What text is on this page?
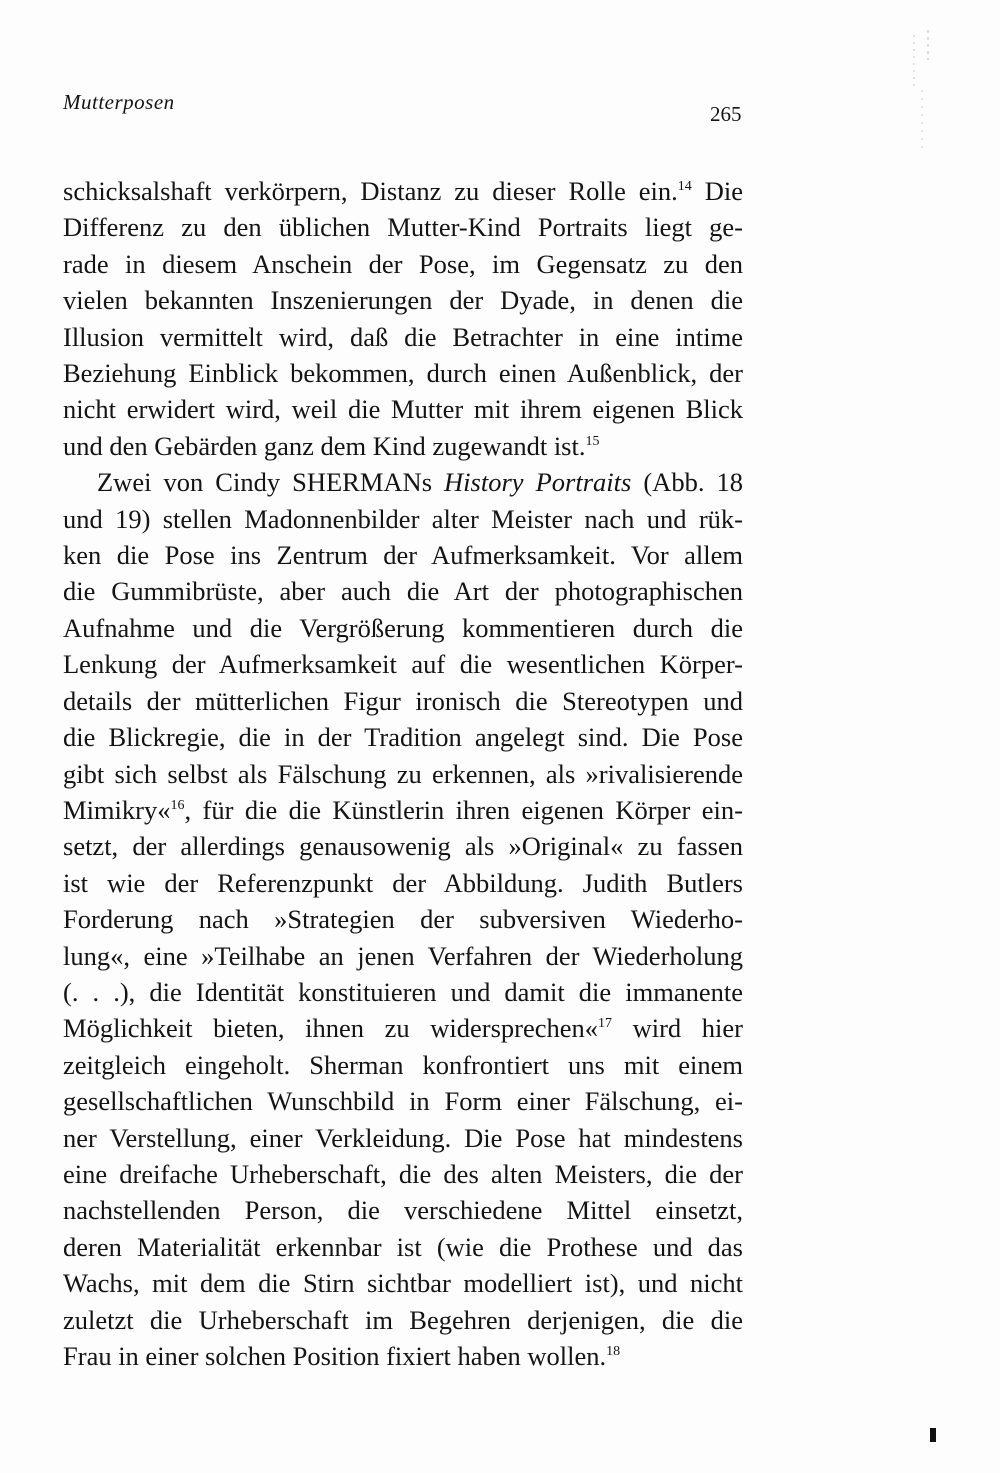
Mutterposen	265
schicksalshaft verkörpern, Distanz zu dieser Rolle ein.$^{14}$ Die
Differenz zu den üblichen Mutter-Kind Portraits liegt ge-
rade in diesem Anschein der Pose, im Gegensatz zu den
vielen bekannten Inszenierungen der Dyade, in denen die
Illusion vermittelt wird, daß die Betrachter in eine intime
Beziehung Einblick bekommen, durch einen Außenblick, der
nicht erwidert wird, weil die Mutter mit ihrem eigenen Blick
und den Gebärden ganz dem Kind zugewandt ist.$^{15}$
Zwei von Cindy SHERMANs History Portraits (Abb. 18
und 19) stellen Madonnenbilder alter Meister nach und rük-
ken die Pose ins Zentrum der Aufmerksamkeit. Vor allem
die Gummibrüste, aber auch die Art der photographischen
Aufnahme und die Vergrößerung kommentieren durch die
Lenkung der Aufmerksamkeit auf die wesentlichen Körper-
details der mütterlichen Figur ironisch die Stereotypen und
die Blickregie, die in der Tradition angelegt sind. Die Pose
gibt sich selbst als Fälschung zu erkennen, als »rivalisierende
Mimikry«$^{16}$, für die die Künstlerin ihren eigenen Körper ein-
setzt, der allerdings genausowenig als »Original« zu fassen
ist wie der Referenzpunkt der Abbildung. Judith Butlers
Forderung nach »Strategien der subversiven Wiederho-
lung«, eine »Teilhabe an jenen Verfahren der Wiederholung
(. . .), die Identität konstituieren und damit die immanente
Möglichkeit bieten, ihnen zu widersprechen«$^{17}$ wird hier
zeitgleich eingeholt. Sherman konfrontiert uns mit einem
gesellschaftlichen Wunschbild in Form einer Fälschung, ei-
ner Verstellung, einer Verkleidung. Die Pose hat mindestens
eine dreifache Urheberschaft, die des alten Meisters, die der
nachstellenden Person, die verschiedene Mittel einsetzt,
deren Materialität erkennbar ist (wie die Prothese und das
Wachs, mit dem die Stirn sichtbar modelliert ist), und nicht
zuletzt die Urheberschaft im Begehren derjenigen, die die
Frau in einer solchen Position fixiert haben wollen.$^{18}$
